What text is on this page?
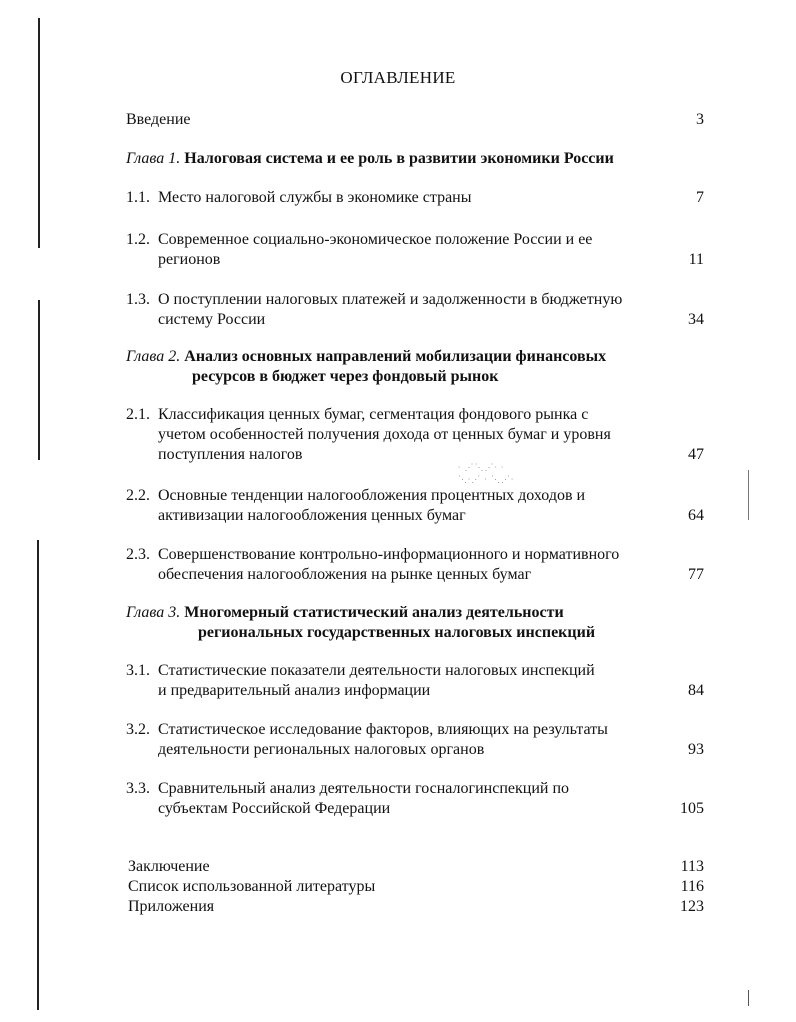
∙ ⋰⋱⋰∙ ∙
⋱∙⋰ ∙ ⋱⋰∙
ОГЛАВЛЕНИЕ
Введение	3
Глава 1. Налоговая система и ее роль в развитии экономики России
1.1. Место налоговой службы в экономике страны	7
1.2. Современное социально-экономическое положение России и ее
регионов	11
1.3. О поступлении налоговых платежей и задолженности в бюджетную
систему России	34
Глава 2. Анализ основных направлений мобилизации финансовых
ресурсов в бюджет через фондовый рынок
2.1. Классификация ценных бумаг, сегментация фондового рынка с
учетом особенностей получения дохода от ценных бумаг и уровня
поступления налогов	47
2.2. Основные тенденции налогообложения процентных доходов и
активизации налогообложения ценных бумаг	64
2.3. Совершенствование контрольно-информационного и нормативного
обеспечения налогообложения на рынке ценных бумаг	77
Глава 3. Многомерный статистический анализ деятельности
региональных государственных налоговых инспекций
3.1. Статистические показатели деятельности налоговых инспекций
и предварительный анализ информации	84
3.2. Статистическое исследование факторов, влияющих на результаты
деятельности региональных налоговых органов	93
3.3. Сравнительный анализ деятельности госналогинспекций по
субъектам Российской Федерации	105
Заключение	113
Список использованной литературы	116
Приложения	123
